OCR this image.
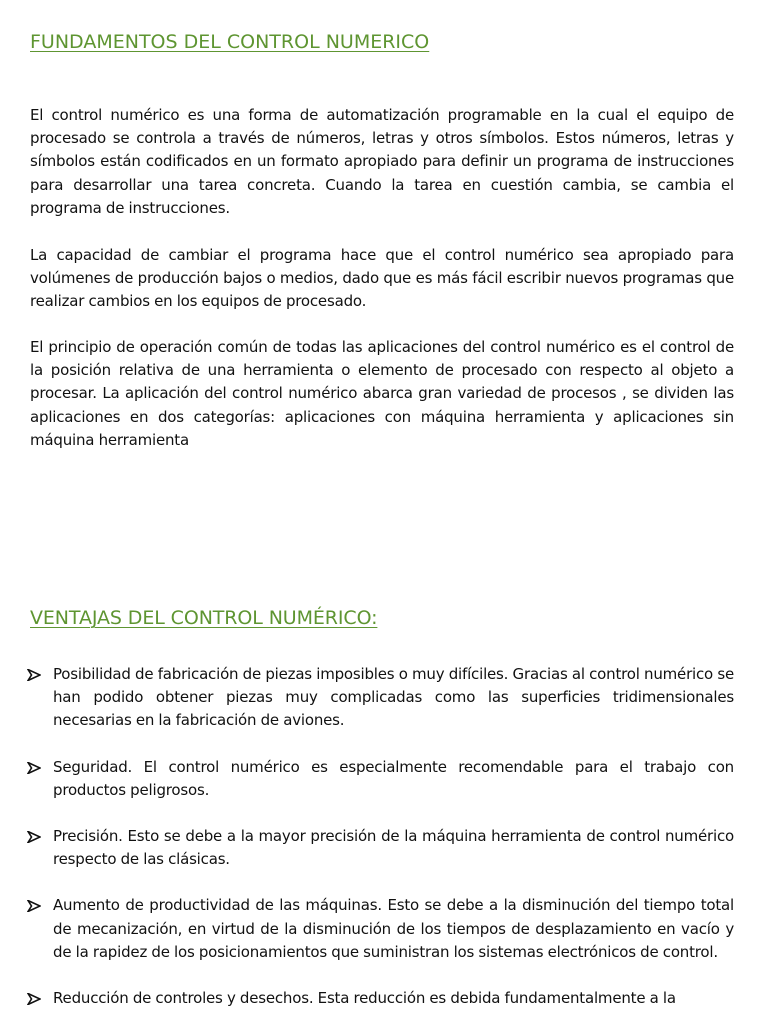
FUNDAMENTOS DEL CONTROL NUMERICO

El control numérico es una forma de automatización programable en la cual el equipo de procesado se controla a través de números, letras y otros símbolos. Estos números, letras y símbolos están codificados en un formato apropiado para definir un programa de instrucciones para desarrollar una tarea concreta. Cuando la tarea en cuestión cambia, se cambia el programa de instrucciones.

La capacidad de cambiar el programa hace que el control numérico sea apropiado para volúmenes de producción bajos o medios, dado que es más fácil escribir nuevos programas que realizar cambios en los equipos de procesado.

El principio de operación común de todas las aplicaciones del control numérico es el control de la posición relativa de una herramienta o elemento de procesado con respecto al objeto a procesar. La aplicación del control numérico abarca gran variedad de procesos , se dividen las aplicaciones en dos categorías: aplicaciones con máquina herramienta y aplicaciones sin máquina herramienta

VENTAJAS DEL CONTROL NUMÉRICO:
Posibilidad de fabricación de piezas imposibles o muy difíciles. Gracias al control numérico se han podido obtener piezas muy complicadas como las superficies tridimensionales necesarias en la fabricación de aviones.
Seguridad. El control numérico es especialmente recomendable para el trabajo con productos peligrosos.
Precisión. Esto se debe a la mayor precisión de la máquina herramienta de control numérico respecto de las clásicas.
Aumento de productividad de las máquinas. Esto se debe a la disminución del tiempo total de mecanización, en virtud de la disminución de los tiempos de desplazamiento en vacío y de la rapidez de los posicionamientos que suministran los sistemas electrónicos de control.
Reducción de controles y desechos. Esta reducción es debida fundamentalmente a la
